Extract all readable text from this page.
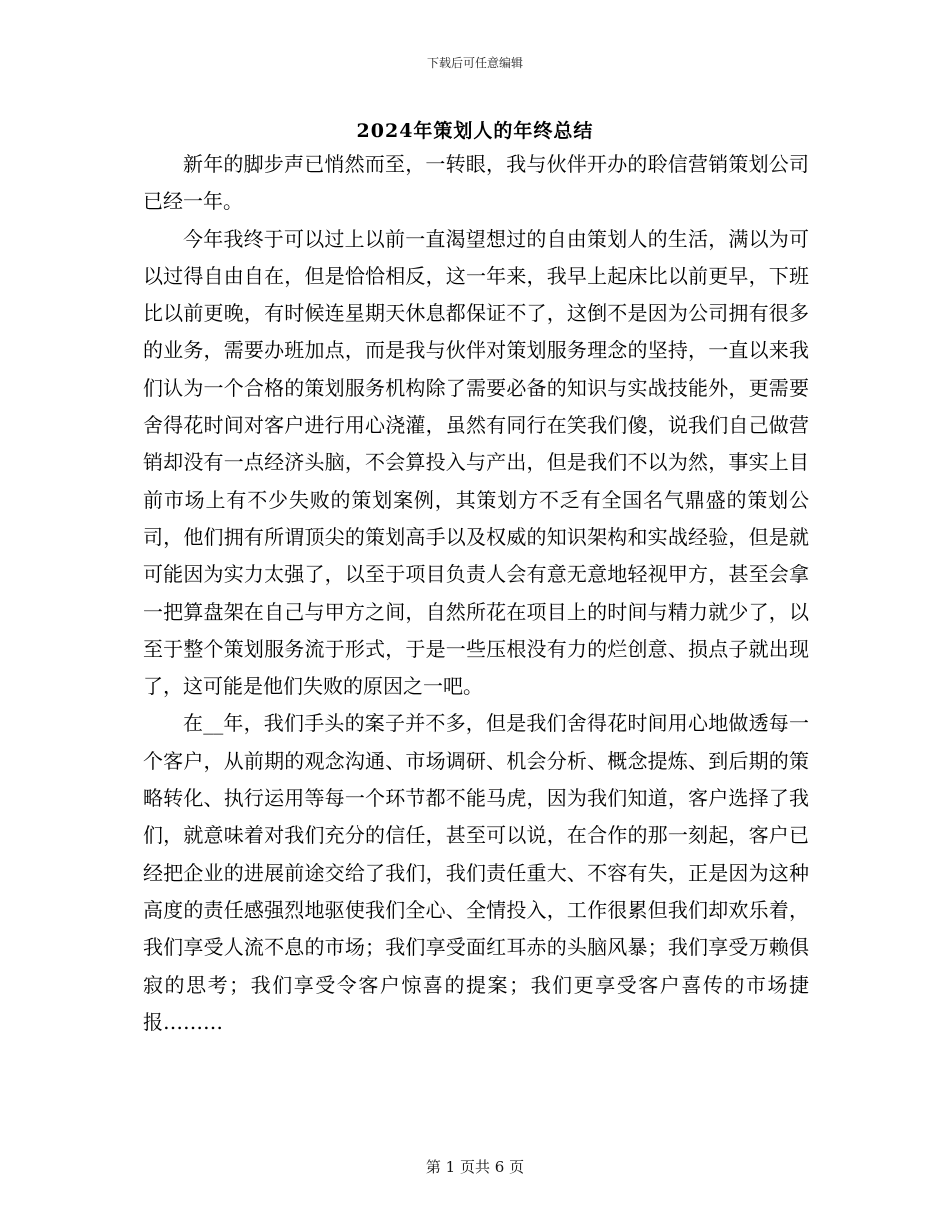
下载后可任意编辑
2024年策划人的年终总结

新年的脚步声已悄然而至，一转眼，我与伙伴开办的聆信营销策划公司已经一年。

今年我终于可以过上以前一直渴望想过的自由策划人的生活，满以为可以过得自由自在，但是恰恰相反，这一年来，我早上起床比以前更早，下班比以前更晚，有时候连星期天休息都保证不了，这倒不是因为公司拥有很多的业务，需要办班加点，而是我与伙伴对策划服务理念的坚持，一直以来我们认为一个合格的策划服务机构除了需要必备的知识与实战技能外，更需要舍得花时间对客户进行用心浇灌，虽然有同行在笑我们傻，说我们自己做营销却没有一点经济头脑，不会算投入与产出，但是我们不以为然，事实上目前市场上有不少失败的策划案例，其策划方不乏有全国名气鼎盛的策划公司，他们拥有所谓顶尖的策划高手以及权威的知识架构和实战经验，但是就可能因为实力太强了，以至于项目负责人会有意无意地轻视甲方，甚至会拿一把算盘架在自己与甲方之间，自然所花在项目上的时间与精力就少了，以至于整个策划服务流于形式，于是一些压根没有力的烂创意、损点子就出现了，这可能是他们失败的原因之一吧。

在__年，我们手头的案子并不多，但是我们舍得花时间用心地做透每一个客户，从前期的观念沟通、市场调研、机会分析、概念提炼、到后期的策略转化、执行运用等每一个环节都不能马虎，因为我们知道，客户选择了我们，就意味着对我们充分的信任，甚至可以说，在合作的那一刻起，客户已经把企业的进展前途交给了我们，我们责任重大、不容有失，正是因为这种高度的责任感强烈地驱使我们全心、全情投入，工作很累但我们却欢乐着，我们享受人流不息的市场；我们享受面红耳赤的头脑风暴；我们享受万赖俱寂的思考；我们享受令客户惊喜的提案；我们更享受客户喜传的市场捷报………

第 1 页共 6 页
